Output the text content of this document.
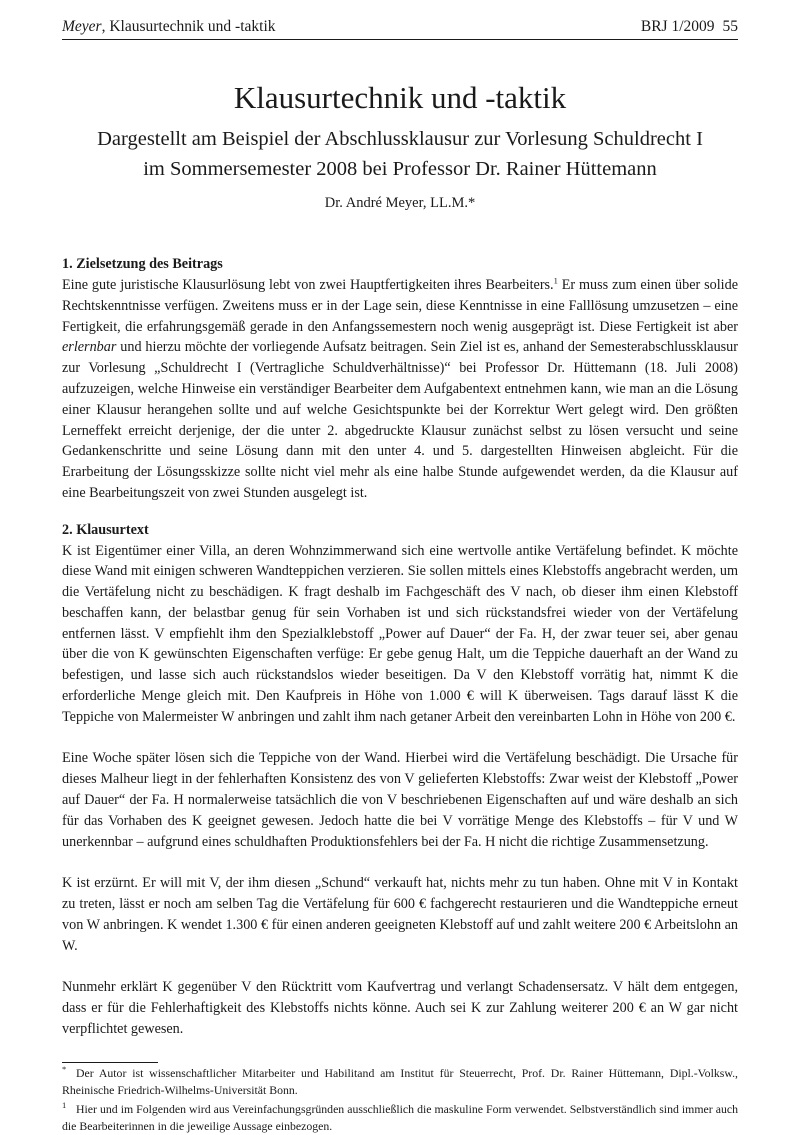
Meyer, Klausurtechnik und -taktik	BRJ 1/2009 55
Klausurtechnik und -taktik
Dargestellt am Beispiel der Abschlussklausur zur Vorlesung Schuldrecht I
im Sommersemester 2008 bei Professor Dr. Rainer Hüttemann
Dr. André Meyer, LL.M.*
1. Zielsetzung des Beitrags

Eine gute juristische Klausurlösung lebt von zwei Hauptfertigkeiten ihres Bearbeiters.$^1$ Er muss zum einen über solide Rechtskenntnisse verfügen. Zweitens muss er in der Lage sein, diese Kenntnisse in eine Falllösung umzusetzen – eine Fertigkeit, die erfahrungsgemäß gerade in den Anfangssemestern noch wenig ausgeprägt ist. Diese Fertigkeit ist aber erlernbar und hierzu möchte der vorliegende Aufsatz beitragen. Sein Ziel ist es, anhand der Semesterabschlussklausur zur Vorlesung „Schuldrecht I (Vertragliche Schuldverhältnisse)“ bei Professor Dr. Hüttemann (18. Juli 2008) aufzuzeigen, welche Hinweise ein verständiger Bearbeiter dem Aufgabentext entnehmen kann, wie man an die Lösung einer Klausur herangehen sollte und auf welche Gesichtspunkte bei der Korrektur Wert gelegt wird. Den größten Lerneffekt erreicht derjenige, der die unter 2. abgedruckte Klausur zunächst selbst zu lösen versucht und seine Gedankenschritte und seine Lösung dann mit den unter 4. und 5. dargestellten Hinweisen abgleicht. Für die Erarbeitung der Lösungsskizze sollte nicht viel mehr als eine halbe Stunde aufgewendet werden, da die Klausur auf eine Bearbeitungszeit von zwei Stunden ausgelegt ist.

2. Klausurtext

K ist Eigentümer einer Villa, an deren Wohnzimmerwand sich eine wertvolle antike Vertäfelung befindet. K möchte diese Wand mit einigen schweren Wandteppichen verzieren. Sie sollen mittels eines Klebstoffs angebracht werden, um die Vertäfelung nicht zu beschädigen. K fragt deshalb im Fachgeschäft des V nach, ob dieser ihm einen Klebstoff beschaffen kann, der belastbar genug für sein Vorhaben ist und sich rückstandsfrei wieder von der Vertäfelung entfernen lässt. V empfiehlt ihm den Spezialklebstoff „Power auf Dauer“ der Fa. H, der zwar teuer sei, aber genau über die von K gewünschten Eigenschaften verfüge: Er gebe genug Halt, um die Teppiche dauerhaft an der Wand zu befestigen, und lasse sich auch rückstandslos wieder beseitigen. Da V den Klebstoff vorrätig hat, nimmt K die erforderliche Menge gleich mit. Den Kaufpreis in Höhe von 1.000 € will K überweisen. Tags darauf lässt K die Teppiche von Malermeister W anbringen und zahlt ihm nach getaner Arbeit den vereinbarten Lohn in Höhe von 200 €.

Eine Woche später lösen sich die Teppiche von der Wand. Hierbei wird die Vertäfelung beschädigt. Die Ursache für dieses Malheur liegt in der fehlerhaften Konsistenz des von V gelieferten Klebstoffs: Zwar weist der Klebstoff „Power auf Dauer“ der Fa. H normalerweise tatsächlich die von V beschriebenen Eigenschaften auf und wäre deshalb an sich für das Vorhaben des K geeignet gewesen. Jedoch hatte die bei V vorrätige Menge des Klebstoffs – für V und W unerkennbar – aufgrund eines schuldhaften Produktionsfehlers bei der Fa. H nicht die richtige Zusammensetzung.

K ist erzürnt. Er will mit V, der ihm diesen „Schund“ verkauft hat, nichts mehr zu tun haben. Ohne mit V in Kontakt zu treten, lässt er noch am selben Tag die Vertäfelung für 600 € fachgerecht restaurieren und die Wandteppiche erneut von W anbringen. K wendet 1.300 € für einen anderen geeigneten Klebstoff auf und zahlt weitere 200 € Arbeitslohn an W.

Nunmehr erklärt K gegenüber V den Rücktritt vom Kaufvertrag und verlangt Schadensersatz. V hält dem entgegen, dass er für die Fehlerhaftigkeit des Klebstoffs nichts könne. Auch sei K zur Zahlung weiterer 200 € an W gar nicht verpflichtet gewesen.

* Der Autor ist wissenschaftlicher Mitarbeiter und Habilitand am Institut für Steuerrecht, Prof. Dr. Rainer Hüttemann, Dipl.-Volksw., Rheinische Friedrich-Wilhelms-Universität Bonn.

$^1$ Hier und im Folgenden wird aus Vereinfachungsgründen ausschließlich die maskuline Form verwendet. Selbstverständlich sind immer auch die Bearbeiterinnen in die jeweilige Aussage einbezogen.
